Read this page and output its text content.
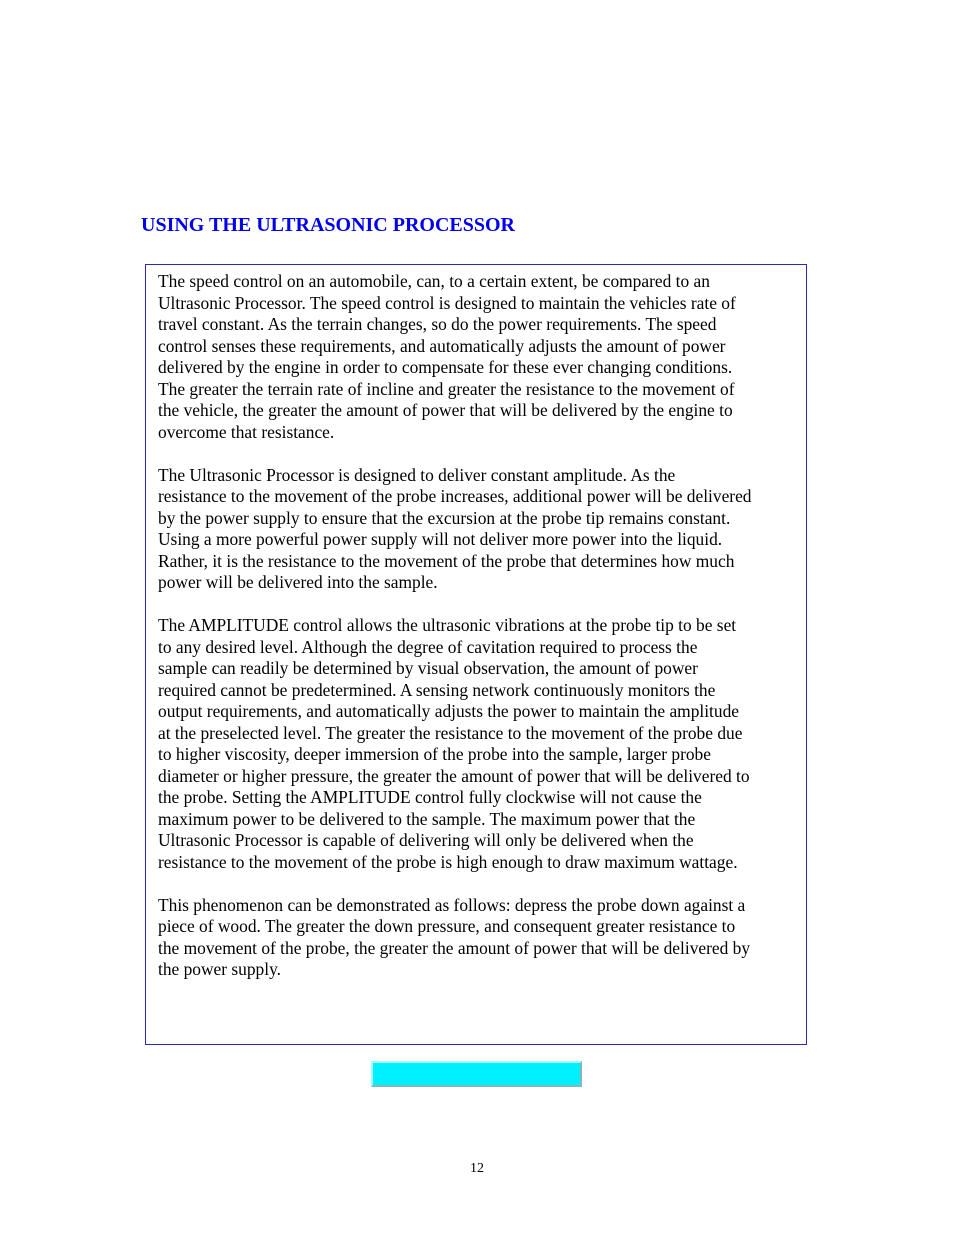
USING THE ULTRASONIC PROCESSOR

The speed control on an automobile, can, to a certain extent, be compared to an
Ultrasonic Processor. The speed control is designed to maintain the vehicles rate of
travel constant. As the terrain changes, so do the power requirements. The speed
control senses these requirements, and automatically adjusts the amount of power
delivered by the engine in order to compensate for these ever changing conditions.
The greater the terrain rate of incline and greater the resistance to the movement of
the vehicle, the greater the amount of power that will be delivered by the engine to
overcome that resistance.

The Ultrasonic Processor is designed to deliver constant amplitude. As the
resistance to the movement of the probe increases, additional power will be delivered
by the power supply to ensure that the excursion at the probe tip remains constant.
Using a more powerful power supply will not deliver more power into the liquid.
Rather, it is the resistance to the movement of the probe that determines how much
power will be delivered into the sample.

The AMPLITUDE control allows the ultrasonic vibrations at the probe tip to be set
to any desired level. Although the degree of cavitation required to process the
sample can readily be determined by visual observation, the amount of power
required cannot be predetermined. A sensing network continuously monitors the
output requirements, and automatically adjusts the power to maintain the amplitude
at the preselected level. The greater the resistance to the movement of the probe due
to higher viscosity, deeper immersion of the probe into the sample, larger probe
diameter or higher pressure, the greater the amount of power that will be delivered to
the probe. Setting the AMPLITUDE control fully clockwise will not cause the
maximum power to be delivered to the sample. The maximum power that the
Ultrasonic Processor is capable of delivering will only be delivered when the
resistance to the movement of the probe is high enough to draw maximum wattage.

This phenomenon can be demonstrated as follows: depress the probe down against a
piece of wood. The greater the down pressure, and consequent greater resistance to
the movement of the probe, the greater the amount of power that will be delivered by
the power supply.

12
